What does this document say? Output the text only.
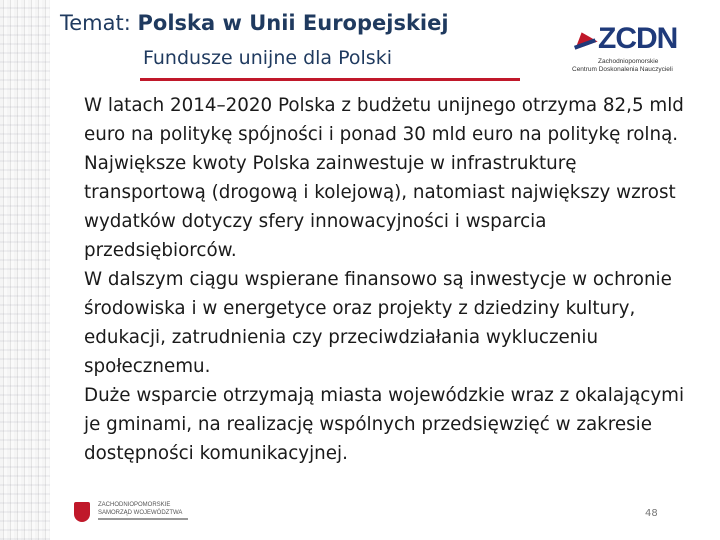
Temat: Polska w Unii Europejskiej
Fundusze unijne dla Polski
ZCDN
Zachodniopomorskie
Centrum Doskonalenia Nauczycieli

W latach 2014–2020 Polska z budżetu unijnego otrzyma 82,5 mld euro na politykę spójności i ponad 30 mld euro na politykę rolną.

Największe kwoty Polska zainwestuje w infrastrukturę transportową (drogową i kolejową), natomiast największy wzrost wydatków dotyczy sfery innowacyjności i wsparcia przedsiębiorców.

W dalszym ciągu wspierane finansowo są inwestycje w ochronie środowiska i w energetyce oraz projekty z dziedziny kultury, edukacji, zatrudnienia czy przeciwdziałania wykluczeniu społecznemu.

Duże wsparcie otrzymają miasta wojewódzkie wraz z okalającymi je gminami, na realizację wspólnych przedsięwzięć w zakresie dostępności komunikacyjnej.

ZACHODNIOPOMORSKIE
SAMORZĄD WOJEWÓDZTWA	48
